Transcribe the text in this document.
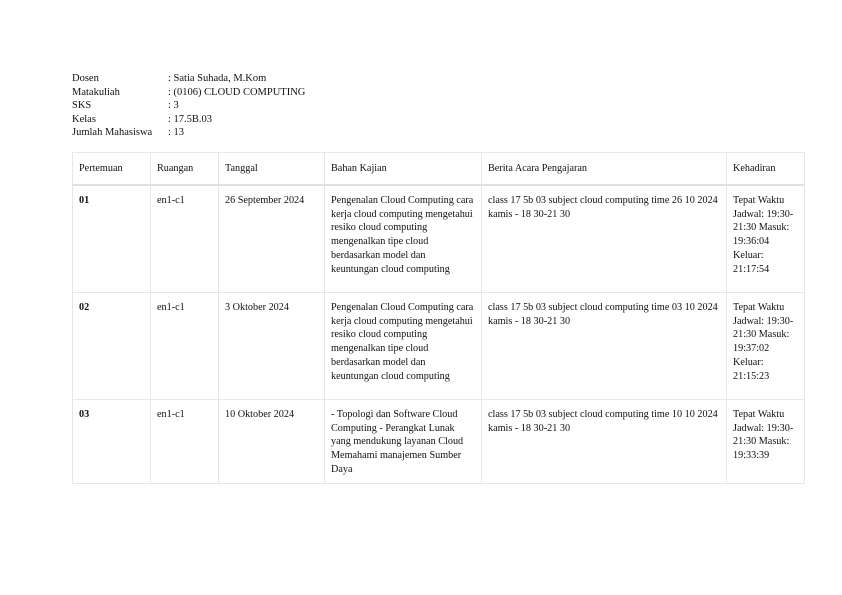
Dosen	: Satia Suhada, M.Kom
Matakuliah	: (0106) CLOUD COMPUTING
SKS	: 3
Kelas	: 17.5B.03
Jumlah Mahasiswa	: 13
Pertemuan	Ruangan	Tanggal	Bahan Kajian	Berita Acara Pengajaran	Kehadiran
01	en1-c1	26 September 2024	Pengenalan Cloud Computing cara kerja cloud computing mengetahui resiko cloud computing mengenalkan tipe cloud berdasarkan model dan keuntungan cloud computing	class 17 5b 03 subject cloud computing time 26 10 2024 kamis - 18 30-21 30	Tepat Waktu Jadwal: 19:30-21:30 Masuk: 19:36:04 Keluar: 21:17:54
02	en1-c1	3 Oktober 2024	Pengenalan Cloud Computing cara kerja cloud computing mengetahui resiko cloud computing mengenalkan tipe cloud berdasarkan model dan keuntungan cloud computing	class 17 5b 03 subject cloud computing time 03 10 2024 kamis - 18 30-21 30	Tepat Waktu Jadwal: 19:30-21:30 Masuk: 19:37:02 Keluar: 21:15:23
03	en1-c1	10 Oktober 2024	- Topologi dan Software Cloud Computing - Perangkat Lunak yang mendukung layanan Cloud Memahami manajemen Sumber Daya	class 17 5b 03 subject cloud computing time 10 10 2024 kamis - 18 30-21 30	Tepat Waktu Jadwal: 19:30-21:30 Masuk: 19:33:39
